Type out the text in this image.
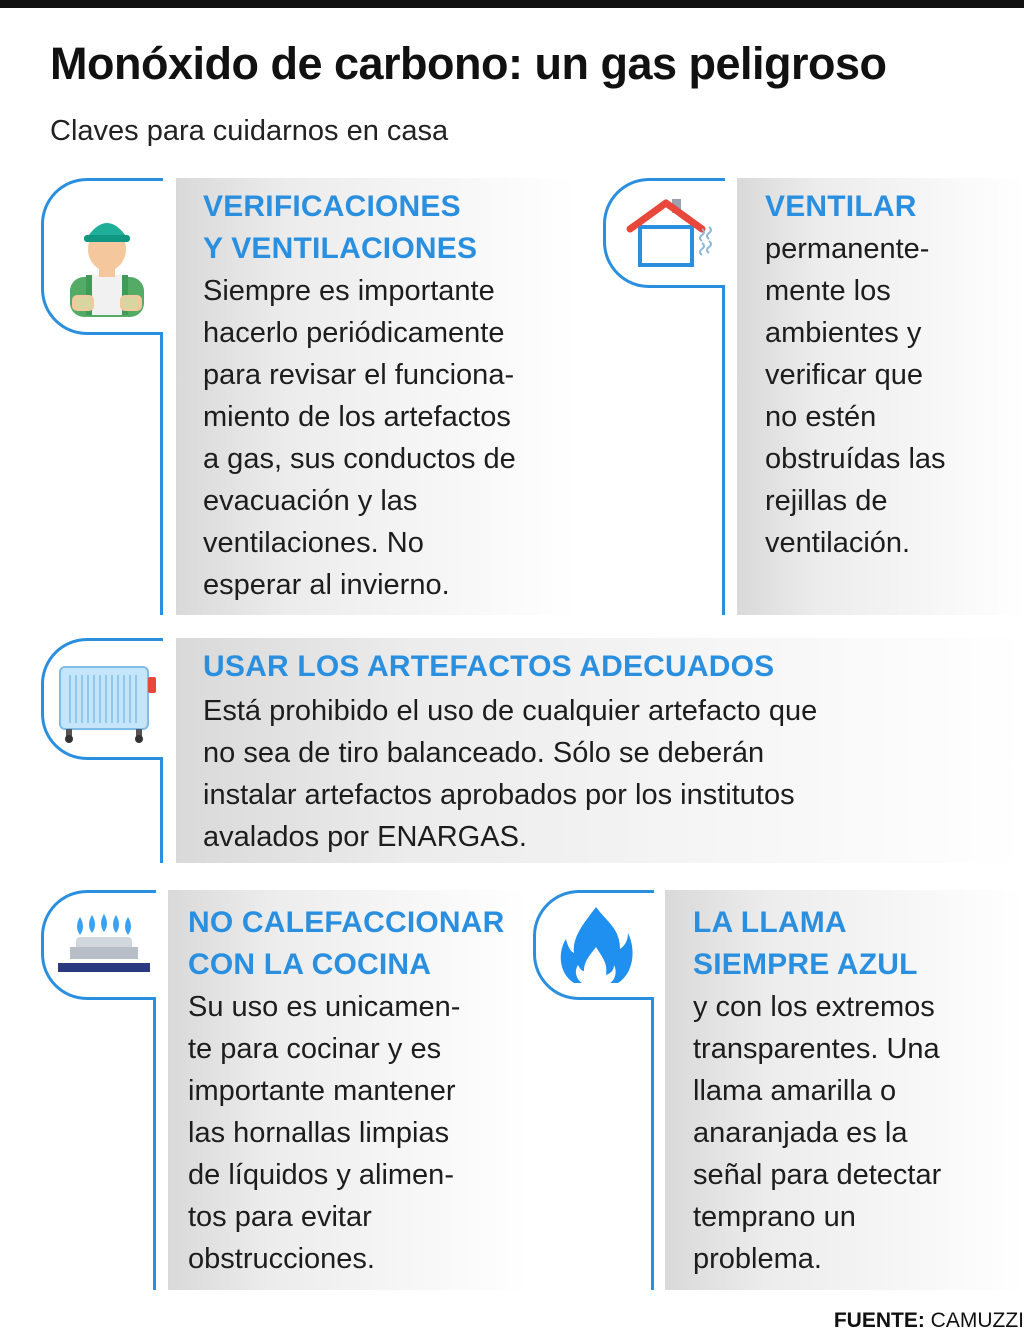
Monóxido de carbono: un gas peligroso
Claves para cuidarnos en casa
VERIFICACIONES
Y VENTILACIONES
Siempre es importante
hacerlo periódicamente
para revisar el funciona-
miento de los artefactos
a gas, sus conductos de
evacuación y las
ventilaciones. No
esperar al invierno.
VENTILAR
permanente-
mente los
ambientes y
verificar que
no estén
obstruídas las
rejillas de
ventilación.
USAR LOS ARTEFACTOS ADECUADOS
Está prohibido el uso de cualquier artefacto que
no sea de tiro balanceado. Sólo se deberán
instalar artefactos aprobados por los institutos
avalados por ENARGAS.
NO CALEFACCIONAR
CON LA COCINA
Su uso es unicamen-
te para cocinar y es
importante mantener
las hornallas limpias
de líquidos y alimen-
tos para evitar
obstrucciones.
LA LLAMA
SIEMPRE AZUL
y con los extremos
transparentes. Una
llama amarilla o
anaranjada es la
señal para detectar
temprano un
problema.
FUENTE: CAMUZZI
